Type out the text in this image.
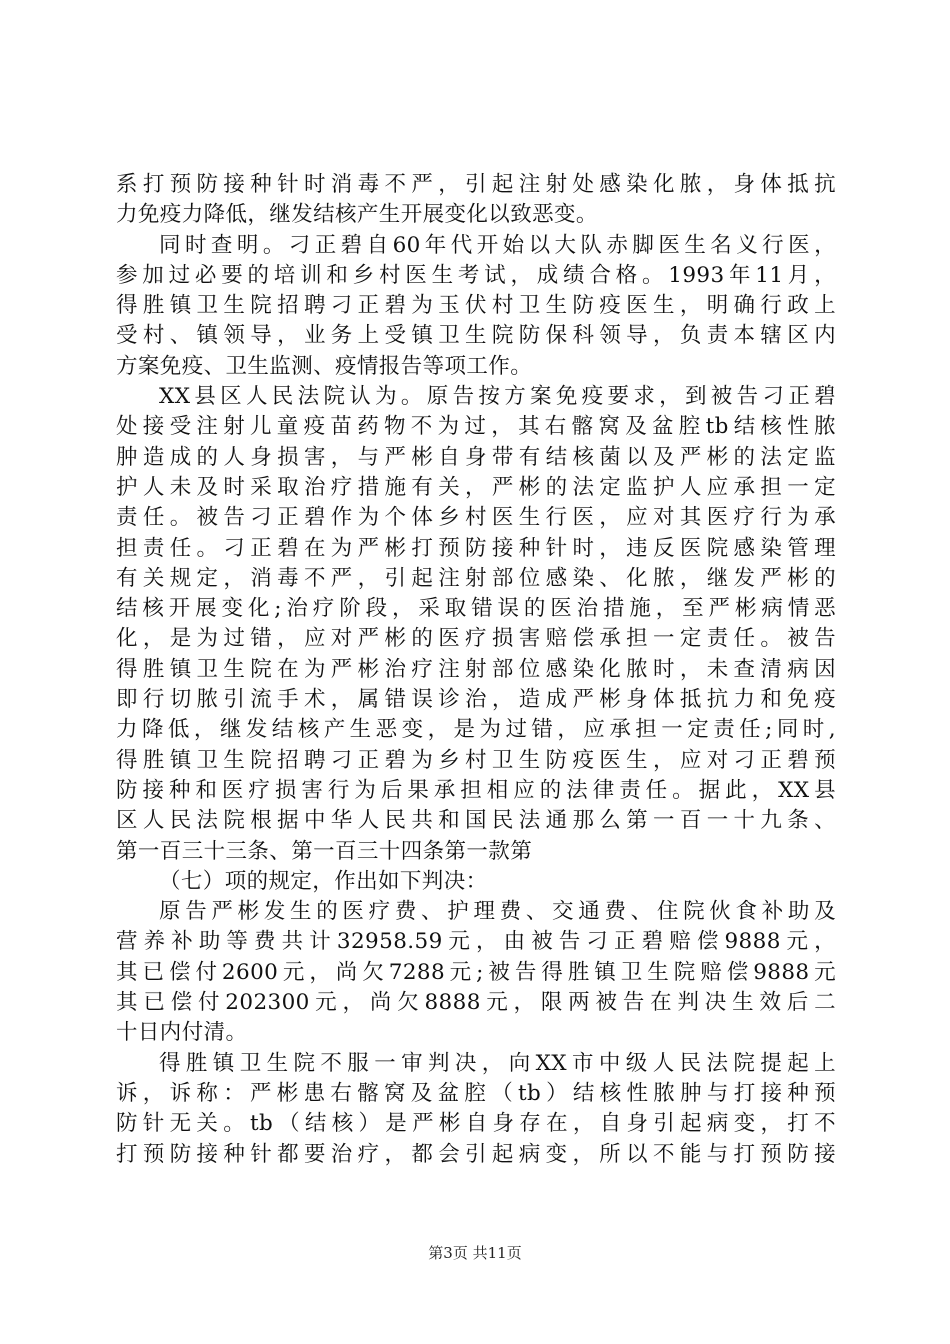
系打预防接种针时消毒不严，引起注射处感染化脓，身体抵抗
力免疫力降低，继发结核产生开展变化以致恶变。
同时查明。刁正碧自60年代开始以大队赤脚医生名义行医，
参加过必要的培训和乡村医生考试，成绩合格。1993年11月，
得胜镇卫生院招聘刁正碧为玉伏村卫生防疫医生，明确行政上
受村、镇领导，业务上受镇卫生院防保科领导，负责本辖区内
方案免疫、卫生监测、疫情报告等项工作。
XX县区人民法院认为。原告按方案免疫要求，到被告刁正碧
处接受注射儿童疫苗药物不为过，其右髂窝及盆腔tb结核性脓
肿造成的人身损害，与严彬自身带有结核菌以及严彬的法定监
护人未及时采取治疗措施有关，严彬的法定监护人应承担一定
责任。被告刁正碧作为个体乡村医生行医，应对其医疗行为承
担责任。刁正碧在为严彬打预防接种针时，违反医院感染管理
有关规定，消毒不严，引起注射部位感染、化脓，继发严彬的
结核开展变化;治疗阶段，采取错误的医治措施，至严彬病情恶
化，是为过错，应对严彬的医疗损害赔偿承担一定责任。被告
得胜镇卫生院在为严彬治疗注射部位感染化脓时，未查清病因
即行切脓引流手术，属错误诊治，造成严彬身体抵抗力和免疫
力降低，继发结核产生恶变，是为过错，应承担一定责任;同时,
得胜镇卫生院招聘刁正碧为乡村卫生防疫医生，应对刁正碧预
防接种和医疗损害行为后果承担相应的法律责任。据此，XX县
区人民法院根据中华人民共和国民法通那么第一百一十九条、
第一百三十三条、第一百三十四条第一款第
（七）项的规定，作出如下判决：
原告严彬发生的医疗费、护理费、交通费、住院伙食补助及
营养补助等费共计32958.59元，由被告刁正碧赔偿9888元，
其已偿付2600元，尚欠7288元;被告得胜镇卫生院赔偿9888元
其已偿付202300元，尚欠8888元，限两被告在判决生效后二
十日内付清。
得胜镇卫生院不服一审判决，向XX市中级人民法院提起上
诉，诉称：严彬患右髂窝及盆腔（tb）结核性脓肿与打接种预
防针无关。tb（结核）是严彬自身存在，自身引起病变，打不
打预防接种针都要治疗，都会引起病变，所以不能与打预防接
第3页 共11页
